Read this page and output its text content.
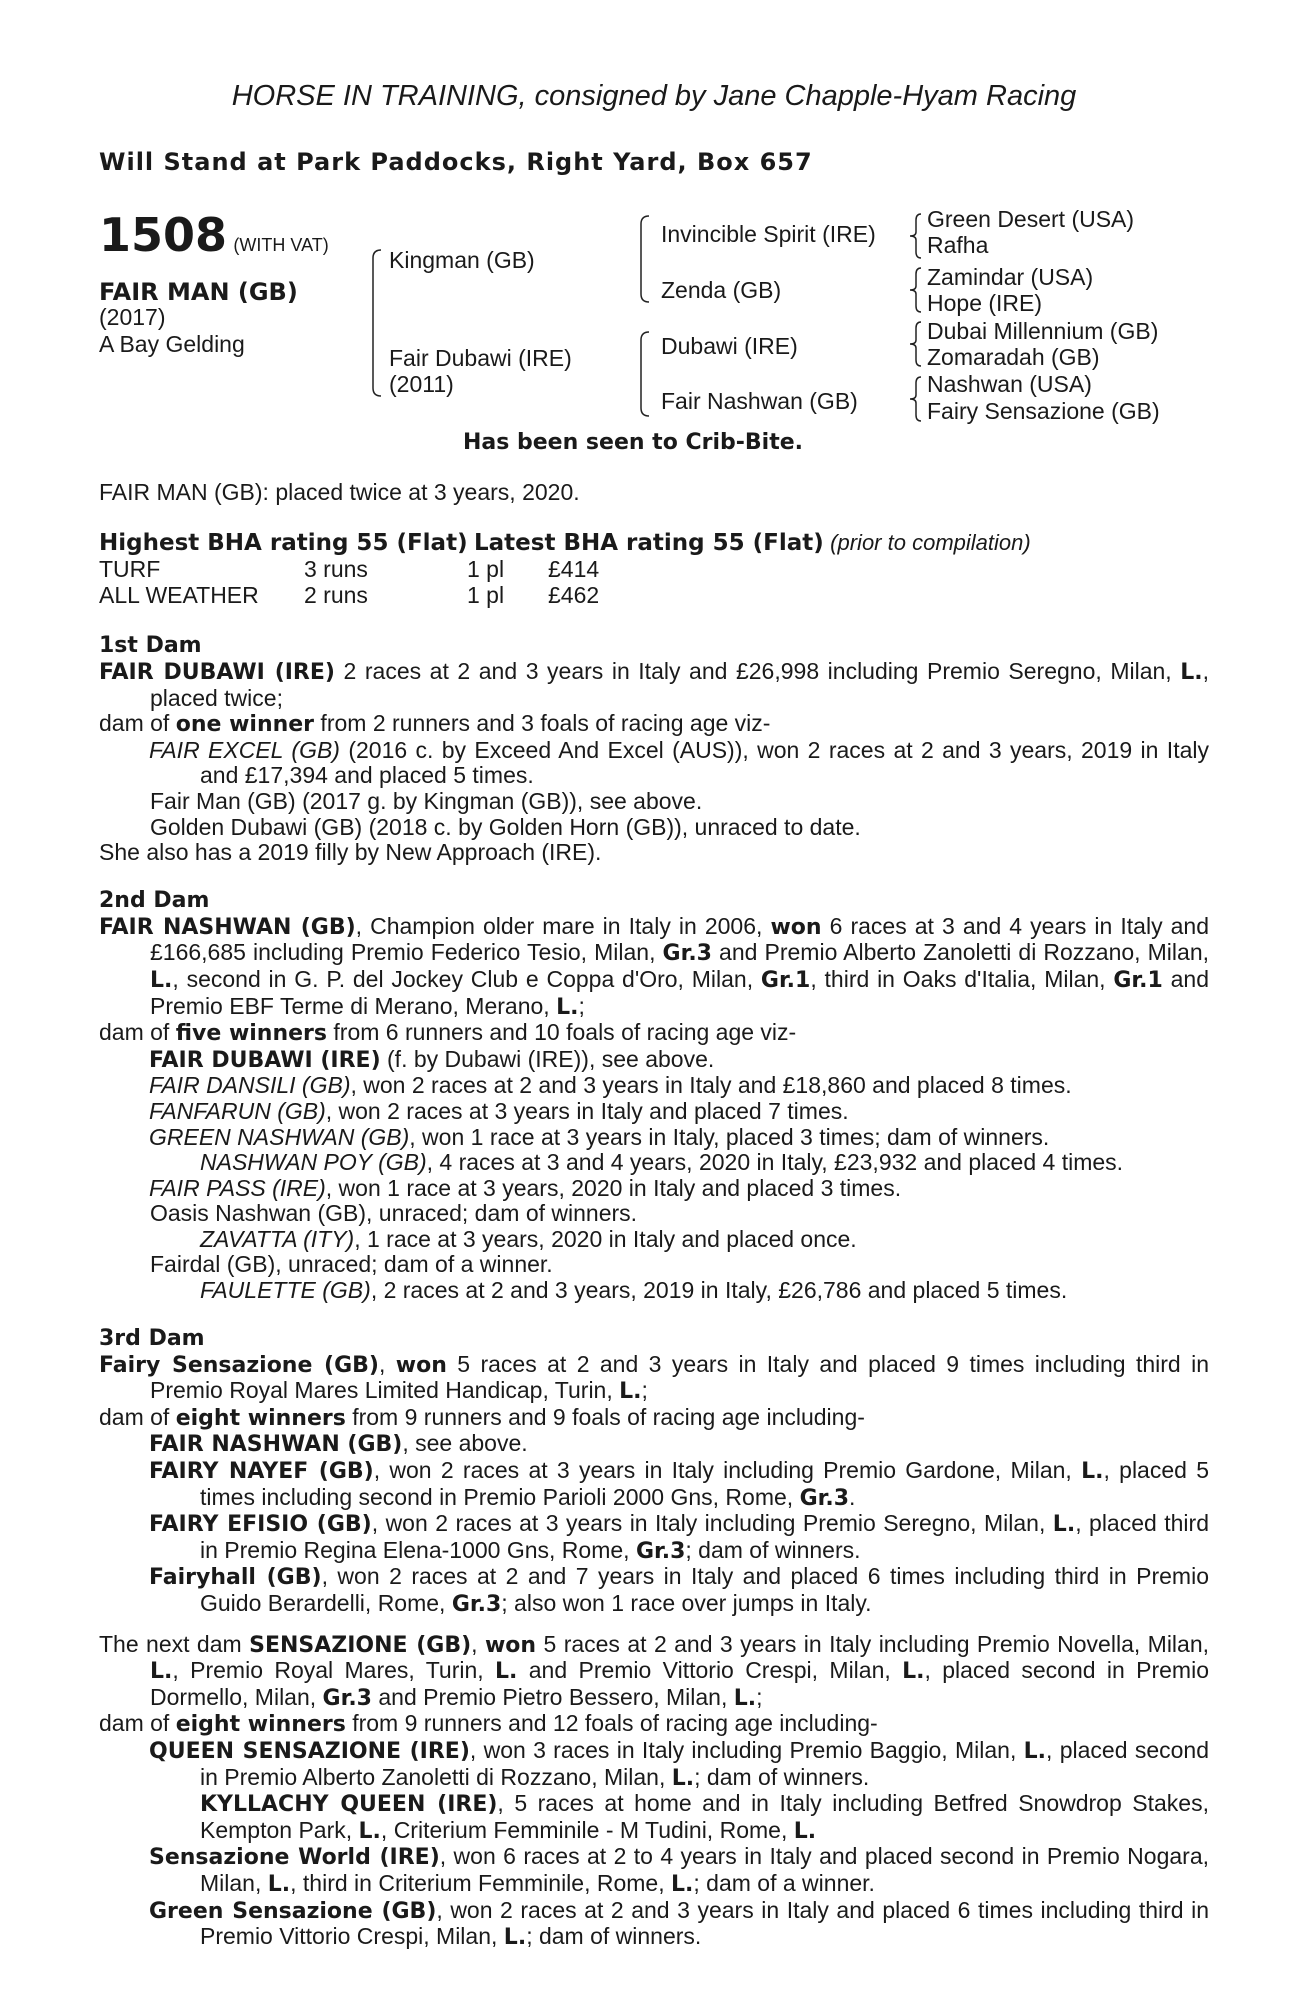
HORSE IN TRAINING, consigned by Jane Chapple-Hyam Racing
Will Stand at Park Paddocks, Right Yard, Box 657
1508 (WITH VAT)
FAIR MAN (GB)
(2017)
A Bay Gelding
Kingman (GB)
Fair Dubawi (IRE)
(2011)
Invincible Spirit (IRE)
Zenda (GB)
Dubawi (IRE)
Fair Nashwan (GB)
Green Desert (USA)
Rafha
Zamindar (USA)
Hope (IRE)
Dubai Millennium (GB)
Zomaradah (GB)
Nashwan (USA)
Fairy Sensazione (GB)
Has been seen to Crib-Bite.
FAIR MAN (GB): placed twice at 3 years, 2020.
Highest BHA rating 55 (Flat) Latest BHA rating 55 (Flat) (prior to compilation)
TURF	3 runs	1 pl £414
ALL WEATHER 2 runs	1 pl £462
1st Dam
FAIR DUBAWI (IRE) 2 races at 2 and 3 years in Italy and £26,998 including Premio Seregno, Milan, L., placed twice;
dam of one winner from 2 runners and 3 foals of racing age viz-
FAIR EXCEL (GB) (2016 c. by Exceed And Excel (AUS)), won 2 races at 2 and 3 years, 2019 in Italy and £17,394 and placed 5 times.
Fair Man (GB) (2017 g. by Kingman (GB)), see above.
Golden Dubawi (GB) (2018 c. by Golden Horn (GB)), unraced to date.
She also has a 2019 filly by New Approach (IRE).
2nd Dam
FAIR NASHWAN (GB), Champion older mare in Italy in 2006, won 6 races at 3 and 4 years in Italy and £166,685 including Premio Federico Tesio, Milan, Gr.3 and Premio Alberto Zanoletti di Rozzano, Milan, L., second in G. P. del Jockey Club e Coppa d'Oro, Milan, Gr.1, third in Oaks d'Italia, Milan, Gr.1 and Premio EBF Terme di Merano, Merano, L.;
dam of five winners from 6 runners and 10 foals of racing age viz-
FAIR DUBAWI (IRE) (f. by Dubawi (IRE)), see above.
FAIR DANSILI (GB), won 2 races at 2 and 3 years in Italy and £18,860 and placed 8 times.
FANFARUN (GB), won 2 races at 3 years in Italy and placed 7 times.
GREEN NASHWAN (GB), won 1 race at 3 years in Italy, placed 3 times; dam of winners.
NASHWAN POY (GB), 4 races at 3 and 4 years, 2020 in Italy, £23,932 and placed 4 times.
FAIR PASS (IRE), won 1 race at 3 years, 2020 in Italy and placed 3 times.
Oasis Nashwan (GB), unraced; dam of winners.
ZAVATTA (ITY), 1 race at 3 years, 2020 in Italy and placed once.
Fairdal (GB), unraced; dam of a winner.
FAULETTE (GB), 2 races at 2 and 3 years, 2019 in Italy, £26,786 and placed 5 times.
3rd Dam
Fairy Sensazione (GB), won 5 races at 2 and 3 years in Italy and placed 9 times including third in Premio Royal Mares Limited Handicap, Turin, L.;
dam of eight winners from 9 runners and 9 foals of racing age including-
FAIR NASHWAN (GB), see above.
FAIRY NAYEF (GB), won 2 races at 3 years in Italy including Premio Gardone, Milan, L., placed 5 times including second in Premio Parioli 2000 Gns, Rome, Gr.3.
FAIRY EFISIO (GB), won 2 races at 3 years in Italy including Premio Seregno, Milan, L., placed third in Premio Regina Elena-1000 Gns, Rome, Gr.3; dam of winners.
Fairyhall (GB), won 2 races at 2 and 7 years in Italy and placed 6 times including third in Premio Guido Berardelli, Rome, Gr.3; also won 1 race over jumps in Italy.
The next dam SENSAZIONE (GB), won 5 races at 2 and 3 years in Italy including Premio Novella, Milan, L., Premio Royal Mares, Turin, L. and Premio Vittorio Crespi, Milan, L., placed second in Premio Dormello, Milan, Gr.3 and Premio Pietro Bessero, Milan, L.;
dam of eight winners from 9 runners and 12 foals of racing age including-
QUEEN SENSAZIONE (IRE), won 3 races in Italy including Premio Baggio, Milan, L., placed second in Premio Alberto Zanoletti di Rozzano, Milan, L.; dam of winners.
KYLLACHY QUEEN (IRE), 5 races at home and in Italy including Betfred Snowdrop Stakes, Kempton Park, L., Criterium Femminile - M Tudini, Rome, L.
Sensazione World (IRE), won 6 races at 2 to 4 years in Italy and placed second in Premio Nogara, Milan, L., third in Criterium Femminile, Rome, L.; dam of a winner.
Green Sensazione (GB), won 2 races at 2 and 3 years in Italy and placed 6 times including third in Premio Vittorio Crespi, Milan, L.; dam of winners.
